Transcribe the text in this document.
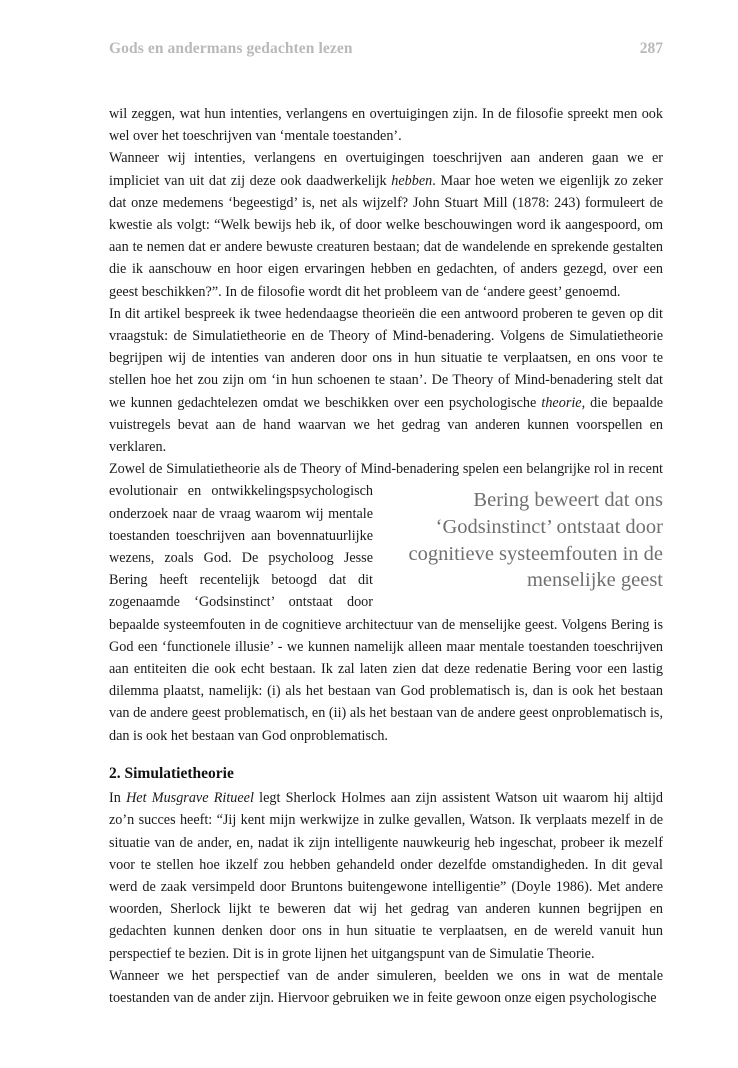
Gods en andermans gedachten lezen	287

wil zeggen, wat hun intenties, verlangens en overtuigingen zijn. In de filosofie spreekt men ook wel over het toeschrijven van ‘mentale toestanden’.

Wanneer wij intenties, verlangens en overtuigingen toeschrijven aan anderen gaan we er impliciet van uit dat zij deze ook daadwerkelijk hebben. Maar hoe weten we eigenlijk zo zeker dat onze medemens ‘begeestigd’ is, net als wijzelf? John Stuart Mill (1878: 243) formuleert de kwestie als volgt: “Welk bewijs heb ik, of door welke beschouwingen word ik aangespoord, om aan te nemen dat er andere bewuste creaturen bestaan; dat de wandelende en sprekende gestalten die ik aanschouw en hoor eigen ervaringen hebben en gedachten, of anders gezegd, over een geest beschikken?”. In de filosofie wordt dit het probleem van de ‘andere geest’ genoemd.

In dit artikel bespreek ik twee hedendaagse theorieën die een antwoord proberen te geven op dit vraagstuk: de Simulatietheorie en de Theory of Mind-benadering. Volgens de Simulatietheorie begrijpen wij de intenties van anderen door ons in hun situatie te verplaatsen, en ons voor te stellen hoe het zou zijn om ‘in hun schoenen te staan’. De Theory of Mind-benadering stelt dat we kunnen gedachtelezen omdat we beschikken over een psychologische theorie, die bepaalde vuistregels bevat aan de hand waarvan we het gedrag van anderen kunnen voorspellen en verklaren.

Zowel de Simulatietheorie als de Theory of Mind-benadering spelen een belangrijke rol in
Bering beweert dat ons ‘Godsinstinct’ ontstaat door cognitieve systeemfouten in de menselijke geest
recent evolutionair en ontwikkelingspsychologisch onderzoek naar de vraag waarom wij mentale toestanden toeschrijven aan bovennatuurlijke wezens, zoals God. De psycholoog Jesse Bering heeft recentelijk betoogd dat dit zogenaamde ‘Godsinstinct’ ontstaat door bepaalde systeemfouten in de cognitieve architectuur van de menselijke geest. Volgens Bering is God een ‘functionele illusie’ - we kunnen namelijk alleen maar mentale toestanden toeschrijven aan entiteiten die ook echt bestaan. Ik zal laten zien dat deze redenatie Bering voor een lastig dilemma plaatst, namelijk: (i) als het bestaan van God problematisch is, dan is ook het bestaan van de andere geest problematisch, en (ii) als het bestaan van de andere geest onproblematisch is, dan is ook het bestaan van God onproblematisch.

2. Simulatietheorie

In Het Musgrave Ritueel legt Sherlock Holmes aan zijn assistent Watson uit waarom hij altijd zo’n succes heeft: “Jij kent mijn werkwijze in zulke gevallen, Watson. Ik verplaats mezelf in de situatie van de ander, en, nadat ik zijn intelligente nauwkeurig heb ingeschat, probeer ik mezelf voor te stellen hoe ikzelf zou hebben gehandeld onder dezelfde omstandigheden. In dit geval werd de zaak versimpeld door Bruntons buitengewone intelligentie” (Doyle 1986). Met andere woorden, Sherlock lijkt te beweren dat wij het gedrag van anderen kunnen begrijpen en gedachten kunnen denken door ons in hun situatie te verplaatsen, en de wereld vanuit hun perspectief te bezien. Dit is in grote lijnen het uitgangspunt van de Simulatie Theorie.

Wanneer we het perspectief van de ander simuleren, beelden we ons in wat de mentale toestanden van de ander zijn. Hiervoor gebruiken we in feite gewoon onze eigen psychologische
